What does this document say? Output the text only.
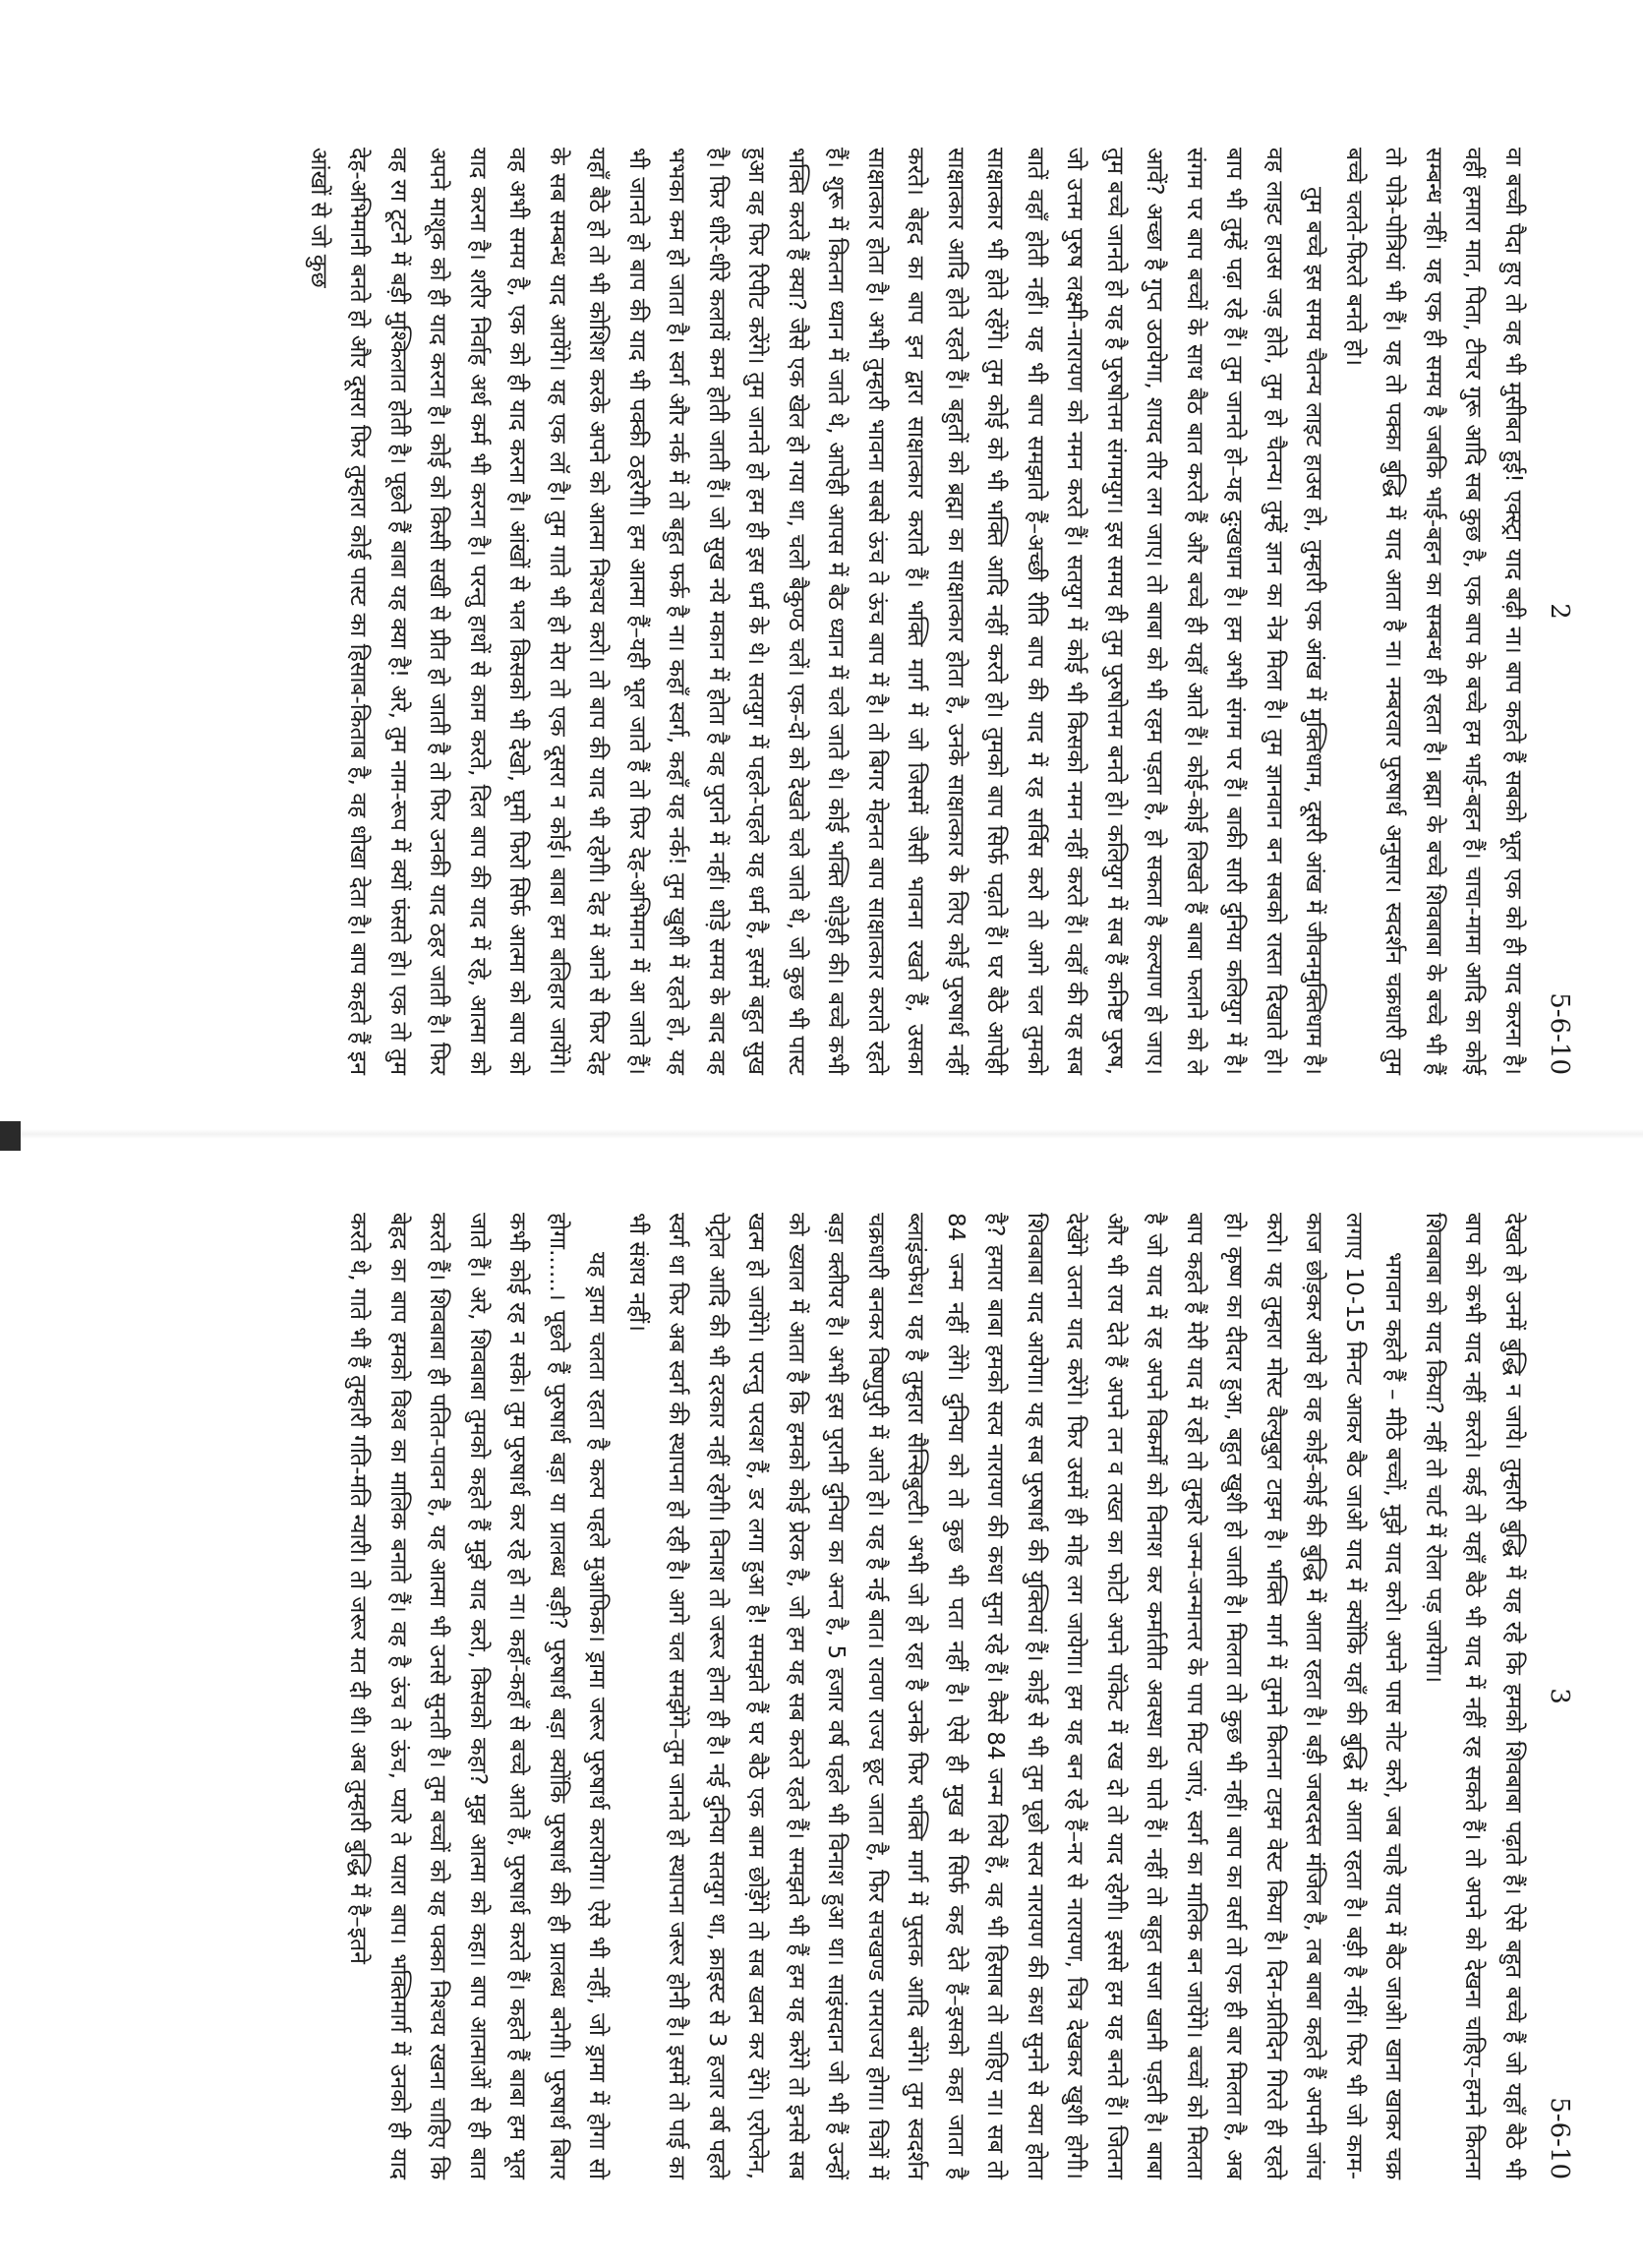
2
5-6-10

वा बच्ची पैदा हुए तो वह भी मुसीबत हुई! एक्स्ट्रा याद बढ़ी ना। बाप कहते हैं सबको भूल एक को ही याद करना है। वहीं हमारा मात, पिता, टीचर गुरू आदि सब कुछ है, एक बाप के बच्चे हम भाई-बहन हैं। चाचा-मामा आदि का कोई सम्बन्ध नहीं। यह एक ही समय है जबकि भाई-बहन का सम्बन्ध ही रहता है। ब्रह्मा के बच्चे शिवबाबा के बच्चे भी हैं तो पोत्रे-पोत्रियां भी हैं। यह तो पक्का बुद्धि में याद आता है ना। नम्बरवार पुरुषार्थ अनुसार। स्वदर्शन चक्रधारी तुम बच्चे चलते-फिरते बनते हो।

तुम बच्चे इस समय चैतन्य लाइट हाउस हो, तुम्हारी एक आंख में मुक्तिधाम, दूसरी आंख में जीवनमुक्तिधाम है। वह लाइट हाउस जड़ होते, तुम हो चैतन्य। तुम्हें ज्ञान का नेत्र मिला है। तुम ज्ञानवान बन सबको रास्ता दिखाते हो। बाप भी तुम्हें पढ़ा रहे हैं। तुम जानते हो–यह दुःखधाम है। हम अभी संगम पर हैं। बाकी सारी दुनिया कलियुग में है। संगम पर बाप बच्चों के साथ बैठ बात करते हैं और बच्चे ही यहाँ आते हैं। कोई-कोई लिखते हैं बाबा फलाने को ले आवें? अच्छा है गुप्त उठायेगा, शायद तीर लग जाए। तो बाबा को भी रहम पड़ता है, हो सकता है कल्याण हो जाए। तुम बच्चे जानते हो यह है पुरुषोत्तम संगमयुग। इस समय ही तुम पुरुषोत्तम बनते हो। कलियुग में सब हैं कनिष्ट पुरुष, जो उत्तम पुरुष लक्ष्मी-नारायण को नमन करते हैं। सतयुग में कोई भी किसको नमन नहीं करते हैं। वहाँ की यह सब बातें वहाँ होती नहीं। यह भी बाप समझाते हैं–अच्छी रीति बाप की याद में रह सर्विस करो तो आगे चल तुमको साक्षात्कार भी होते रहेंगे। तुम कोई को भी भक्ति आदि नहीं करते हो। तुमको बाप सिर्फ पढ़ाते हैं। घर बैठे आपेही साक्षात्कार आदि होते रहते हैं। बहुतों को ब्रह्मा का साक्षात्कार होता है, उनके साक्षात्कार के लिए कोई पुरुषार्थ नहीं करते। बेहद का बाप इन द्वारा साक्षात्कार कराते हैं। भक्ति मार्ग में जो जिसमें जैसी भावना रखते हैं, उसका साक्षात्कार होता है। अभी तुम्हारी भावना सबसे ऊंच ते ऊंच बाप में है। तो बिगर मेहनत बाप साक्षात्कार कराते रहते हैं। शुरू में कितना ध्यान में जाते थे, आपेही आपस में बैठ ध्यान में चले जाते थे। कोई भक्ति थोड़ेही की। बच्चे कभी भक्ति करते हैं क्या? जैसे एक खेल हो गया था, चलो बैकुण्ठ चलें। एक-दो को देखते चले जाते थे, जो कुछ भी पास्ट हुआ वह फिर रिपीट करेंगे। तुम जानते हो हम ही इस धर्म के थे। सतयुग में पहले-पहले यह धर्म है, इसमें बहुत सुख है। फिर धीरे-धीरे कलायें कम होती जाती हैं। जो सुख नये मकान में होता है वह पुराने में नहीं। थोड़े समय के बाद वह भभका कम हो जाता है। स्वर्ग और नर्क में तो बहुत फर्क है ना। कहाँ स्वर्ग, कहाँ यह नर्क! तुम खुशी में रहते हो, यह भी जानते हो बाप की याद भी पक्की ठहरेगी। हम आत्मा हैं–यही भूल जाते हैं तो फिर देह-अभिमान में आ जाते हैं। यहाँ बैठे हो तो भी कोशिश करके अपने को आत्मा निश्चय करो। तो बाप की याद भी रहेगी। देह में आने से फिर देह के सब सम्बन्ध याद आयेंगे। यह एक लॉ है। तुम गाते भी हो मेरा तो एक दूसरा न कोई। बाबा हम बलिहार जायेंगे। वह अभी समय है, एक को ही याद करना है। आंखों से भल किसको भी देखो, घूमो फिरो सिर्फ आत्मा को बाप को याद करना है। शरीर निर्वाह अर्थ कर्म भी करना है। परन्तु हाथों से काम करते, दिल बाप की याद में रहे, आत्मा को अपने माशूक को ही याद करना है। कोई को किसी सखी से प्रीत हो जाती है तो फिर उनकी याद ठहर जाती है। फिर वह रग टूटने में बड़ी मुश्किलात होती है। पूछते हैं बाबा यह क्या है! अरे, तुम नाम-रूप में क्यों फंसते हो। एक तो तुम देह-अभिमानी बनते हो और दूसरा फिर तुम्हारा कोई पास्ट का हिसाब-किताब है, वह धोखा देता है। बाप कहते हैं इन आंखों से जो कुछ

3
5-6-10

देखते हो उनमें बुद्धि न जाये। तुम्हारी बुद्धि में यह रहे कि हमको शिवबाबा पढ़ाते हैं। ऐसे बहुत बच्चे हैं जो यहाँ बैठे भी बाप को कभी याद नहीं करते। कई तो यहाँ बैठे भी याद में नहीं रह सकते हैं। तो अपने को देखना चाहिए–हमने कितना शिवबाबा को याद किया? नहीं तो चार्ट में रोला पड़ जायेगा।

भगवान कहते हैं – मीठे बच्चों, मुझे याद करो। अपने पास नोट करो, जब चाहे याद में बैठ जाओ। खाना खाकर चक्र लगाए 10-15 मिनट आकर बैठ जाओ याद में क्योंकि यहाँ की बुद्धि में आता रहता है। बड़ी है नहीं। फिर भी जो काम-काज छोड़कर आये हो वह कोई-कोई की बुद्धि में आता रहता है। बड़ी जबरदस्त मंजिल है, तब बाबा कहते हैं अपनी जांच करो। यह तुम्हारा मोस्ट वैल्युबुल टाइम है। भक्ति मार्ग में तुमने कितना टाइम वेस्ट किया है। दिन-प्रतिदिन गिरते ही रहते हो। कृष्ण का दीदार हुआ, बहुत खुशी हो जाती है। मिलता तो कुछ भी नहीं। बाप का वर्सा तो एक ही बार मिलता है, अब बाप कहते हैं मेरी याद में रहो तो तुम्हारे जन्म-जन्मान्तर के पाप मिट जाएं, स्वर्ग का मालिक बन जायेंगे। बच्चों को मिलता है जो याद में रह अपने विकर्मों को विनाश कर कर्मातीत अवस्था को पाते हैं। नहीं तो बहुत सजा खानी पड़ती है। बाबा और भी राय देते हैं अपने तन व तख्त का फोटो अपने पॉकेट में रख दो तो याद रहेगी। इससे हम यह बनते हैं। जितना देखेंगे उतना याद करेंगे। फिर उसमें ही मोह लग जायेगा। हम यह बन रहे हैं–नर से नारायण, चित्र देखकर खुशी होगी। शिवबाबा याद आयेगा। यह सब पुरुषार्थ की युक्तियां हैं। कोई से भी तुम पूछो सत्य नारायण की कथा सुनने से क्या होता है? हमारा बाबा हमको सत्य नारायण की कथा सुना रहे हैं। कैसे 84 जन्म लिये हैं, वह भी हिसाब तो चाहिए ना। सब तो 84 जन्म नहीं लेंगे। दुनिया को तो कुछ भी पता नहीं है। ऐसे ही मुख से सिर्फ कह देते हैं–इसको कहा जाता है ब्लाइंडफेथ। यह है तुम्हारा सैन्सिबुल्टी। अभी जो हो रहा है उनके फिर भक्ति मार्ग में पुस्तक आदि बनेंगे। तुम स्वदर्शन चक्रधारी बनकर विष्णुपुरी में आते हो। यह है नई बात। रावण राज्य छूट जाता है, फिर सचखण्ड रामराज्य होगा। चित्रों में बड़ा क्लीयर है। अभी इस पुरानी दुनिया का अन्त है, 5 हजार वर्ष पहले भी विनाश हुआ था। साइंसदान जो भी हैं उन्हों को ख्याल में आता है कि हमको कोई प्रेरक है, जो हम यह सब करते रहते हैं। समझते भी हैं हम यह करेंगे तो इनसे सब खत्म हो जायेंगे। परन्तु परवश हैं, डर लगा हुआ है! समझते हैं घर बैठे एक बाम छोड़ेंगे तो सब खत्म कर देंगे। एरोप्लेन, पेट्रोल आदि की भी दरकार नहीं रहेगी। विनाश तो जरूर होना ही है। नई दुनिया सतयुग था, क्राइस्ट से 3 हजार वर्ष पहले स्वर्ग था फिर अब स्वर्ग की स्थापना हो रही है। आगे चल समझेंगे–तुम जानते हो स्थापना जरूर होनी है। इसमें तो पाई का भी संशय नहीं।

यह ड्रामा चलता रहता है कल्प पहले मुआफिक। ड्रामा जरूर पुरुषार्थ करायेगा। ऐसे भी नहीं, जो ड्रामा में होगा सो होगा......। पूछते हैं पुरुषार्थ बड़ा या प्रालब्ध बड़ी? पुरुषार्थ बड़ा क्योंकि पुरुषार्थ की ही प्रालब्ध बनेगी। पुरुषार्थ बिगर कभी कोई रह न सके। तुम पुरुषार्थ कर रहे हो ना। कहाँ-कहाँ से बच्चे आते हैं, पुरुषार्थ करते हैं। कहते हैं बाबा हम भूल जाते हैं। अरे, शिवबाबा तुमको कहते हैं मुझे याद करो, किसको कहा? मुझ आत्मा को कहा। बाप आत्माओं से ही बात करते हैं। शिवबाबा ही पतित-पावन है, यह आत्मा भी उनसे सुनती है। तुम बच्चों को यह पक्का निश्चय रखना चाहिए कि बेहद का बाप हमको विश्व का मालिक बनाते हैं। वह है ऊंच ते ऊंच, प्यारे ते प्यारा बाप। भक्तिमार्ग में उनको ही याद करते थे, गाते भी हैं तुम्हारी गति-मति न्यारी। तो जरूर मत दी थी। अब तुम्हारी बुद्धि में है–इतने
